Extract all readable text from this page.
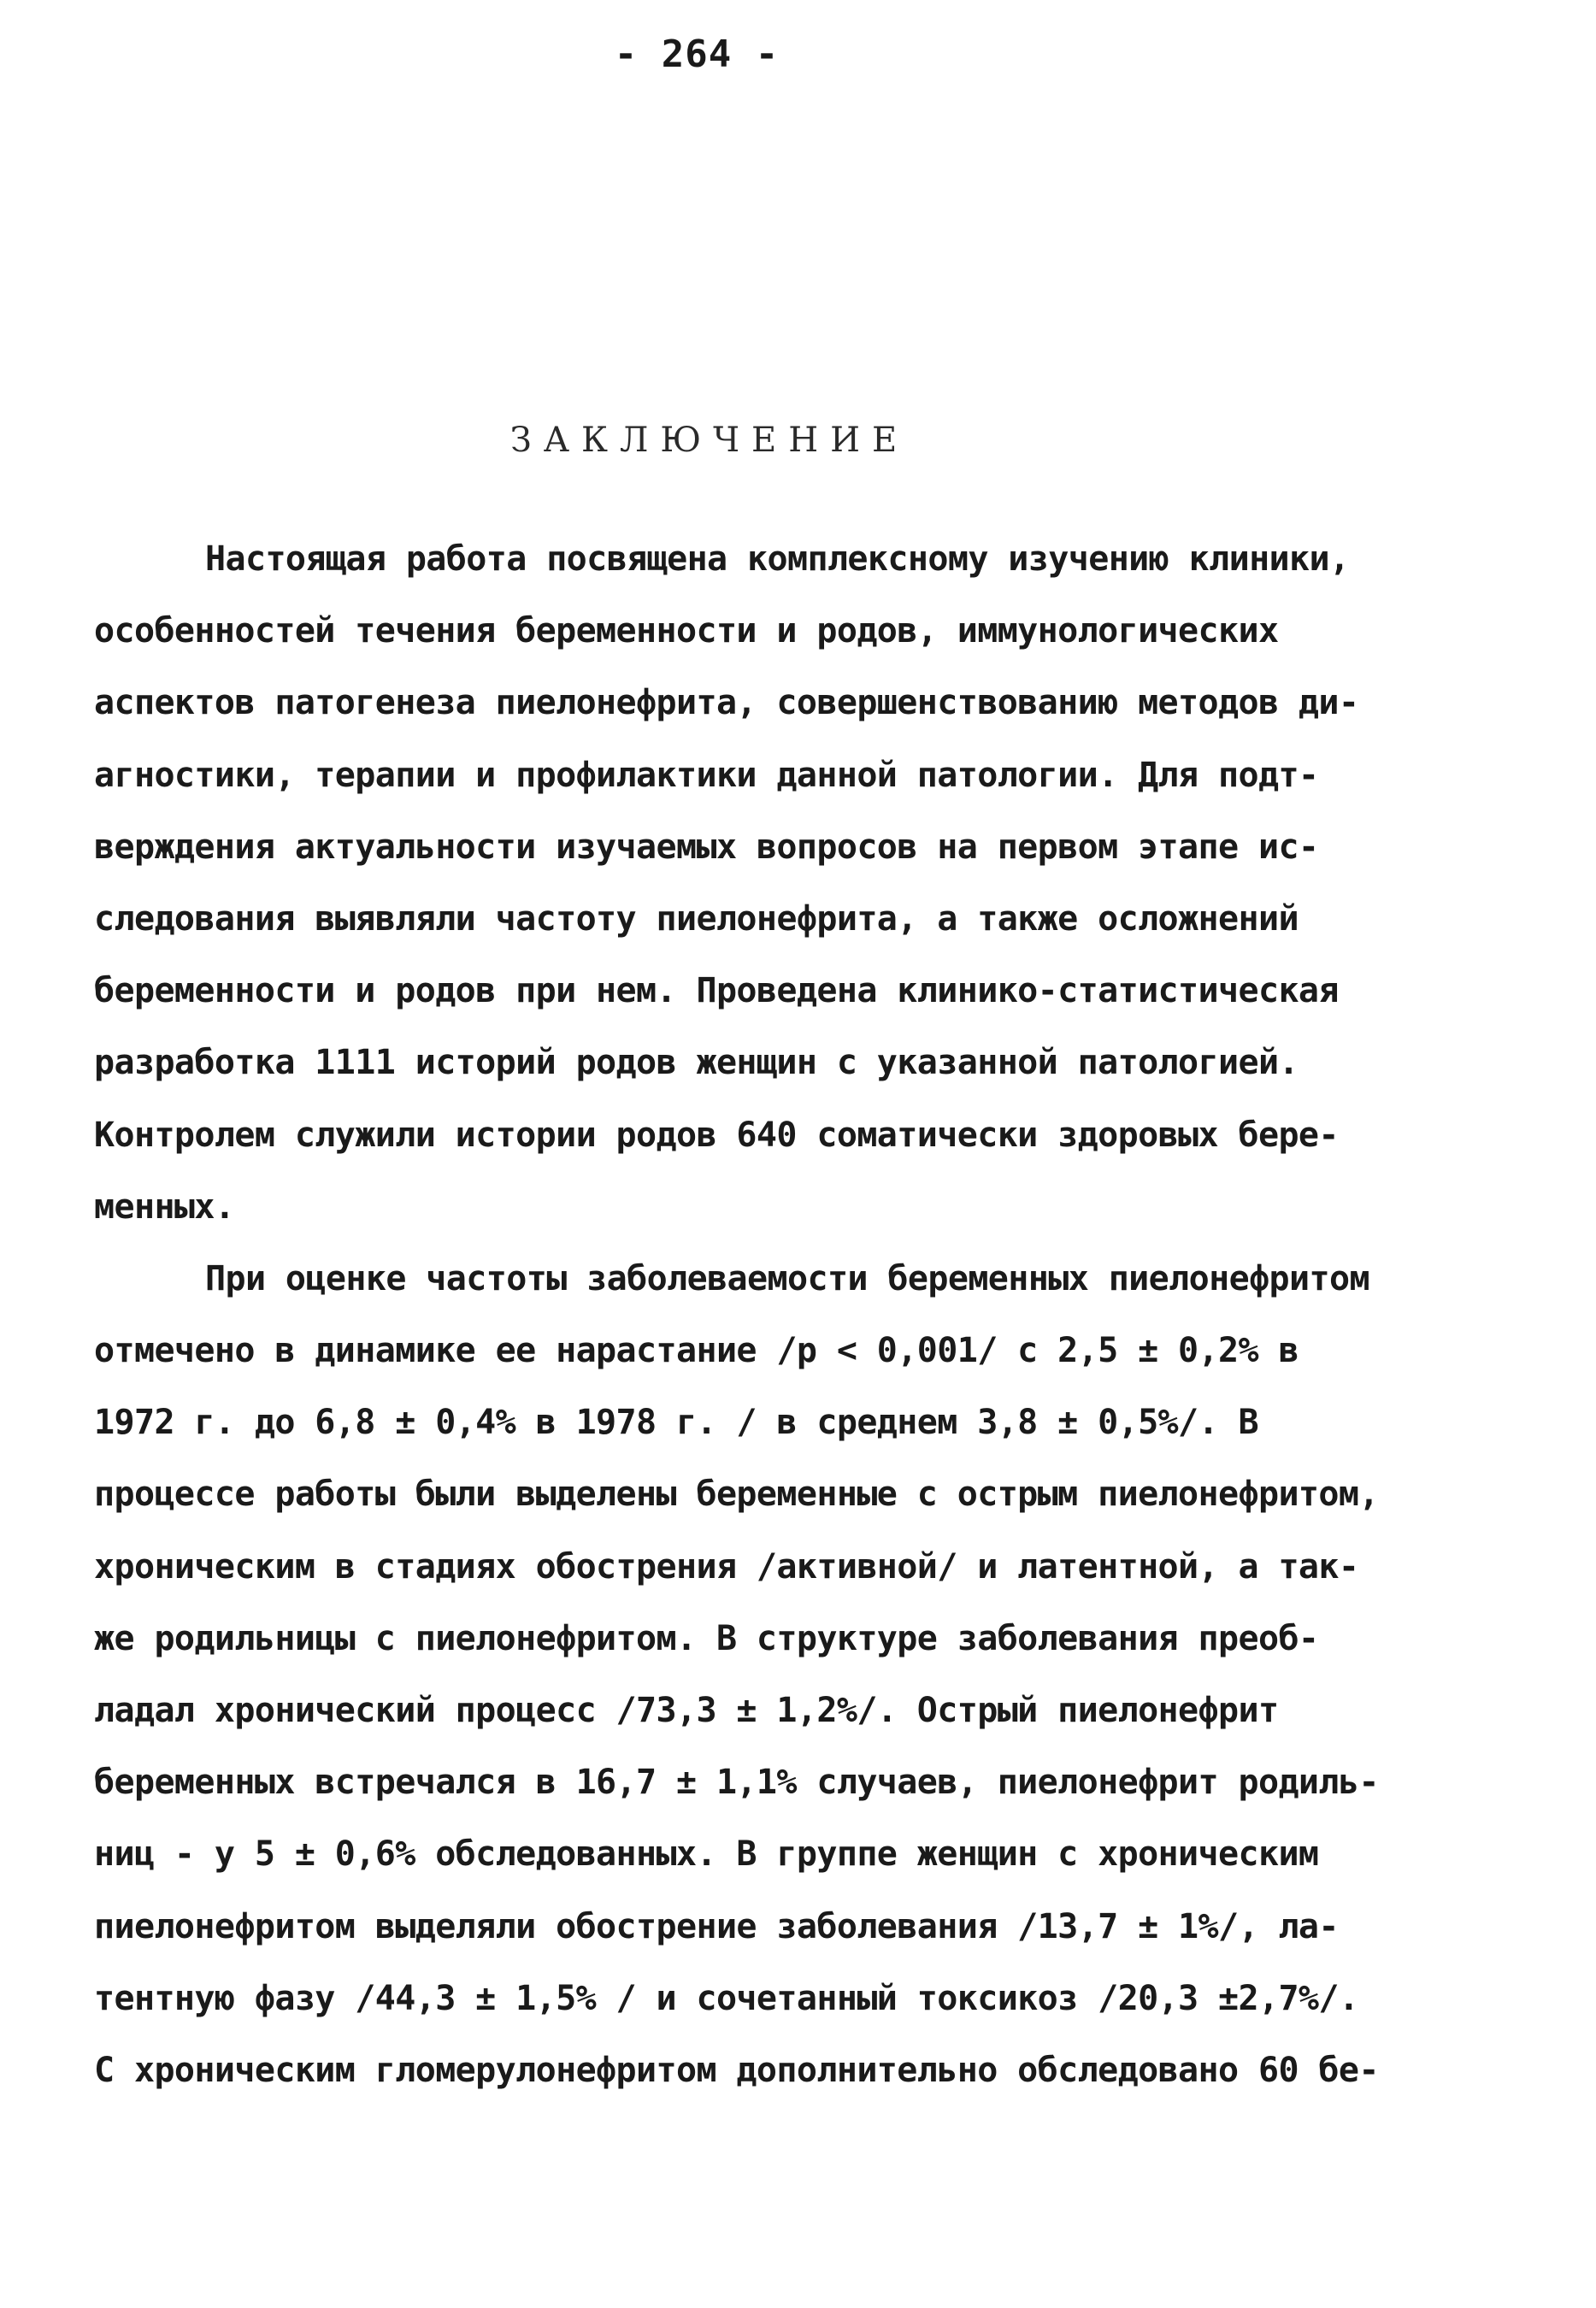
- 264 -
ЗАКЛЮЧЕНИЕ
Настоящая работа посвящена комплексному изучению клиники,
особенностей течения беременности и родов, иммунологических
аспектов патогенеза пиелонефрита, совершенствованию методов ди-
агностики, терапии и профилактики данной патологии. Для подт-
верждения актуальности изучаемых вопросов на первом этапе ис-
следования выявляли частоту пиелонефрита, а также осложнений
беременности и родов при нем. Проведена клинико-статистическая
разработка 1111 историй родов женщин с указанной патологией.
Контролем служили истории родов 640 соматически здоровых бере-
менных.
При оценке частоты заболеваемости беременных пиелонефритом
отмечено в динамике ее нарастание /р < 0,001/ с 2,5 ± 0,2% в
1972 г. до 6,8 ± 0,4% в 1978 г. / в среднем 3,8 ± 0,5%/. В
процессе работы были выделены беременные с острым пиелонефритом,
хроническим в стадиях обострения /активной/ и латентной, а так-
же родильницы с пиелонефритом. В структуре заболевания преоб-
ладал хронический процесс /73,3 ± 1,2%/. Острый пиелонефрит
беременных встречался в 16,7 ± 1,1% случаев, пиелонефрит родиль-
ниц - у 5 ± 0,6% обследованных. В группе женщин с хроническим
пиелонефритом выделяли обострение заболевания /13,7 ± 1%/, ла-
тентную фазу /44,3 ± 1,5% / и сочетанный токсикоз /20,3 ±2,7%/.
С хроническим гломерулонефритом дополнительно обследовано 60 бе-
